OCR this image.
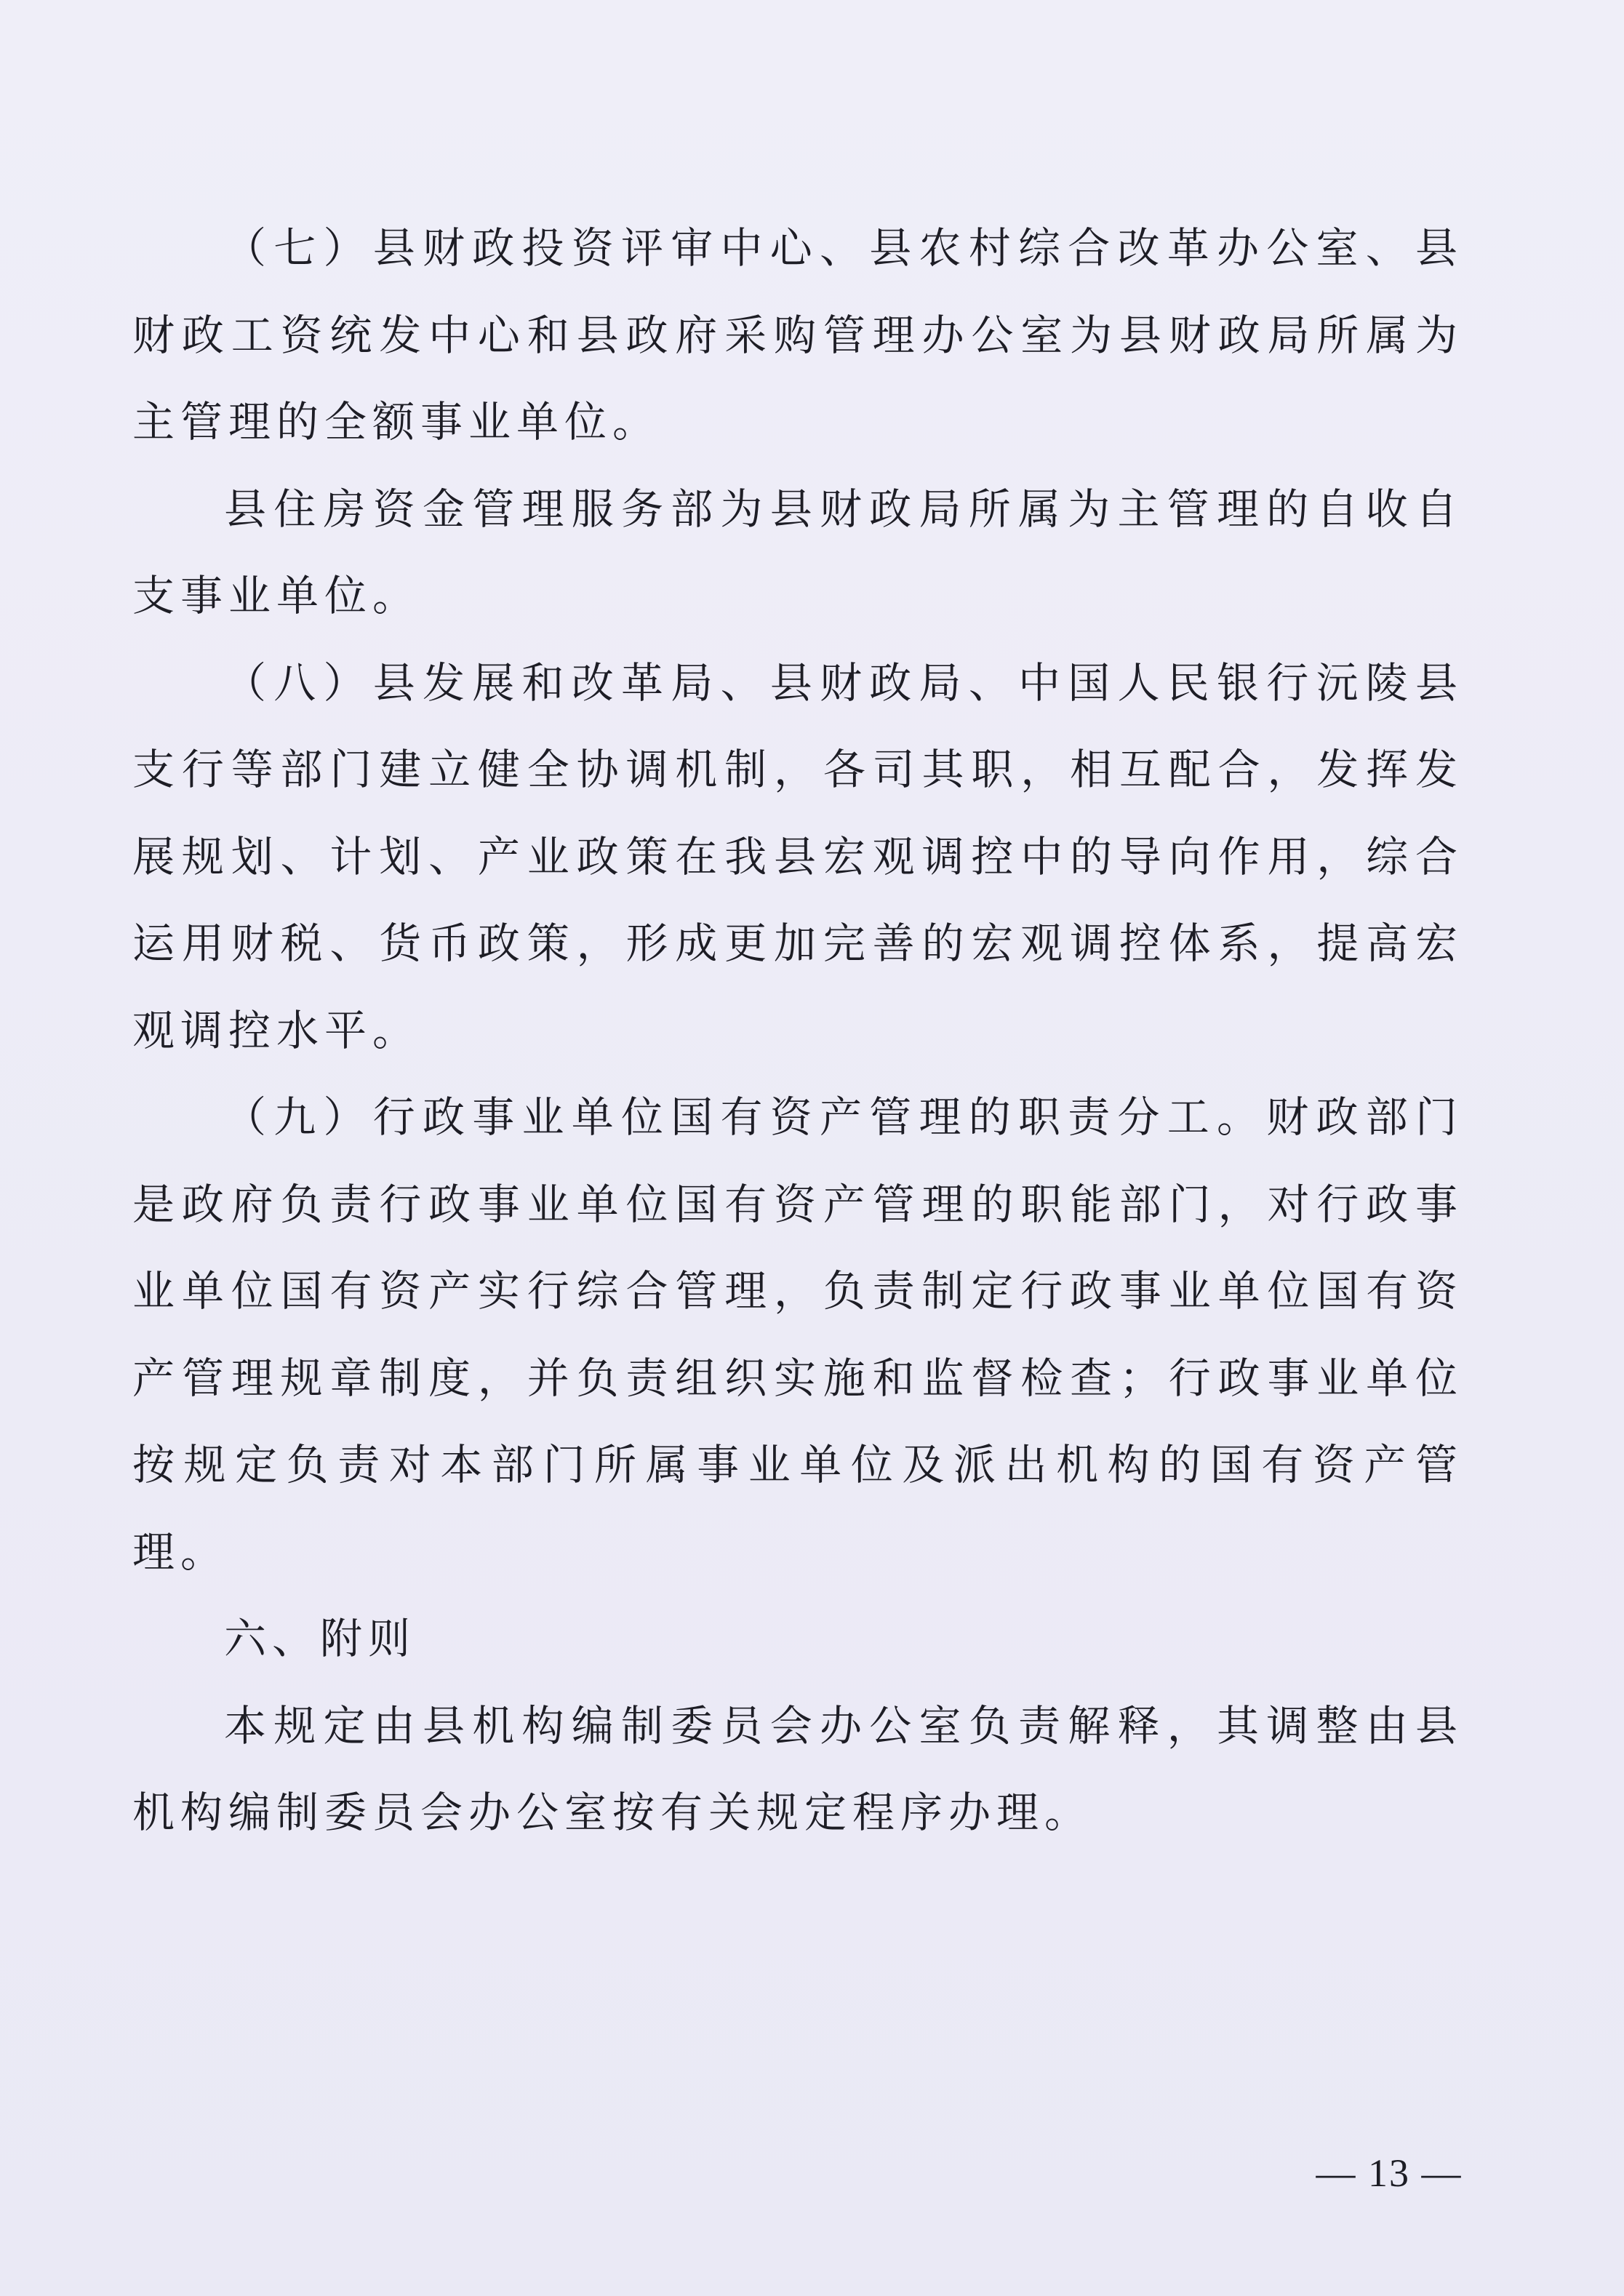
（七）县财政投资评审中心、县农村综合改革办公室、县财政工资统发中心和县政府采购管理办公室为县财政局所属为主管理的全额事业单位。

县住房资金管理服务部为县财政局所属为主管理的自收自支事业单位。

（八）县发展和改革局、县财政局、中国人民银行沅陵县支行等部门建立健全协调机制，各司其职，相互配合，发挥发展规划、计划、产业政策在我县宏观调控中的导向作用，综合运用财税、货币政策，形成更加完善的宏观调控体系，提高宏观调控水平。

（九）行政事业单位国有资产管理的职责分工。财政部门是政府负责行政事业单位国有资产管理的职能部门，对行政事业单位国有资产实行综合管理，负责制定行政事业单位国有资产管理规章制度，并负责组织实施和监督检查；行政事业单位按规定负责对本部门所属事业单位及派出机构的国有资产管理。

六、附则

本规定由县机构编制委员会办公室负责解释，其调整由县机构编制委员会办公室按有关规定程序办理。

— 13 —
